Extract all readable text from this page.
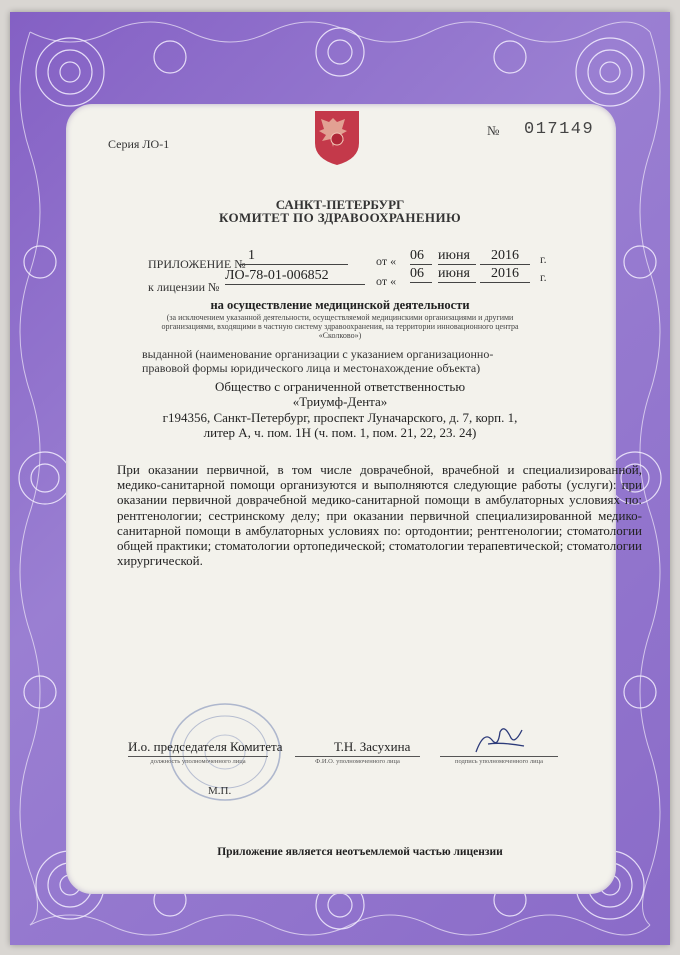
Серия ЛО-1
№ 017149
САНКТ-ПЕТЕРБУРГ
КОМИТЕТ ПО ЗДРАВООХРАНЕНИЮ
ПРИЛОЖЕНИЕ №
1	от « 06	июня	2016	г.
к лицензии №
ЛО-78-01-006852	от « 06	июня	2016	г.
на осуществление медицинской деятельности
(за исключением указанной деятельности, осуществляемой медицинскими организациями и другими
организациями, входящими в частную систему здравоохранения, на территории инновационного центра
«Сколково»)
выданной (наименование организации с указанием организационно-
правовой формы юридического лица и местонахождение объекта)
Общество с ограниченной ответственностью
«Триумф-Дента»
г194356, Санкт-Петербург, проспект Луначарского, д. 7, корп. 1,
литер А, ч. пом. 1Н (ч. пом. 1, пом. 21, 22, 23. 24)
При оказании первичной, в том числе доврачебной, врачебной и специализированной, медико-санитарной помощи организуются и выполняются следующие работы (услуги): при оказании первичной доврачебной медико-санитарной помощи в амбулаторных условиях по: рентгенологии; сестринскому делу; при оказании первичной специализированной медико-санитарной помощи в амбулаторных условиях по: ортодонтии; рентгенологии; стоматологии общей практики; стоматологии ортопедической; стоматологии терапевтической; стоматологии хирургической.
И.о. председателя Комитета	Т.Н. Засухина
должность уполномоченного лица	Ф.И.О. уполномоченного лица	подпись уполномоченного лица
М.П.
Приложение является неотъемлемой частью лицензии
